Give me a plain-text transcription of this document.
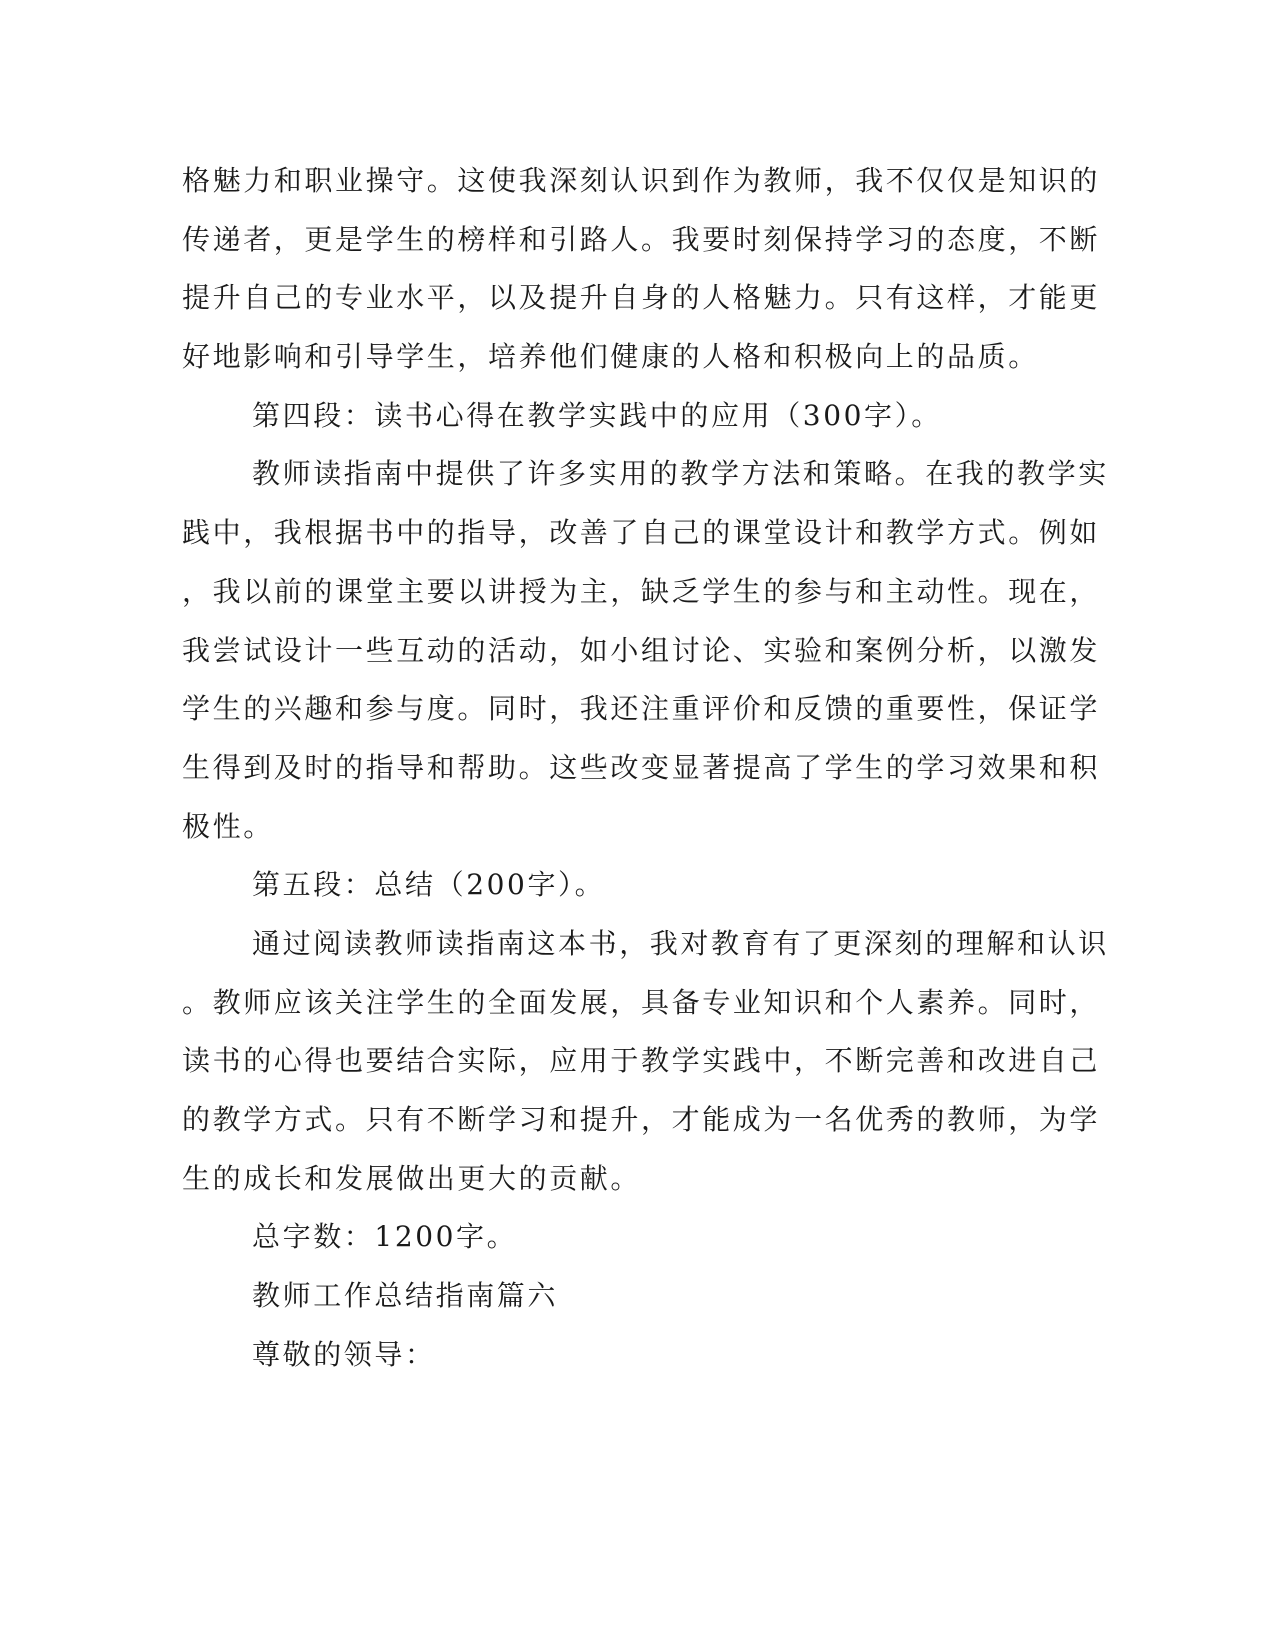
格魅力和职业操守。这使我深刻认识到作为教师，我不仅仅是知识的
传递者，更是学生的榜样和引路人。我要时刻保持学习的态度，不断
提升自己的专业水平，以及提升自身的人格魅力。只有这样，才能更
好地影响和引导学生，培养他们健康的人格和积极向上的品质。
第四段：读书心得在教学实践中的应用（300字）。
教师读指南中提供了许多实用的教学方法和策略。在我的教学实
践中，我根据书中的指导，改善了自己的课堂设计和教学方式。例如
，我以前的课堂主要以讲授为主，缺乏学生的参与和主动性。现在，
我尝试设计一些互动的活动，如小组讨论、实验和案例分析，以激发
学生的兴趣和参与度。同时，我还注重评价和反馈的重要性，保证学
生得到及时的指导和帮助。这些改变显著提高了学生的学习效果和积
极性。
第五段：总结（200字）。
通过阅读教师读指南这本书，我对教育有了更深刻的理解和认识
。教师应该关注学生的全面发展，具备专业知识和个人素养。同时，
读书的心得也要结合实际，应用于教学实践中，不断完善和改进自己
的教学方式。只有不断学习和提升，才能成为一名优秀的教师，为学
生的成长和发展做出更大的贡献。
总字数：1200字。
教师工作总结指南篇六
尊敬的领导：
